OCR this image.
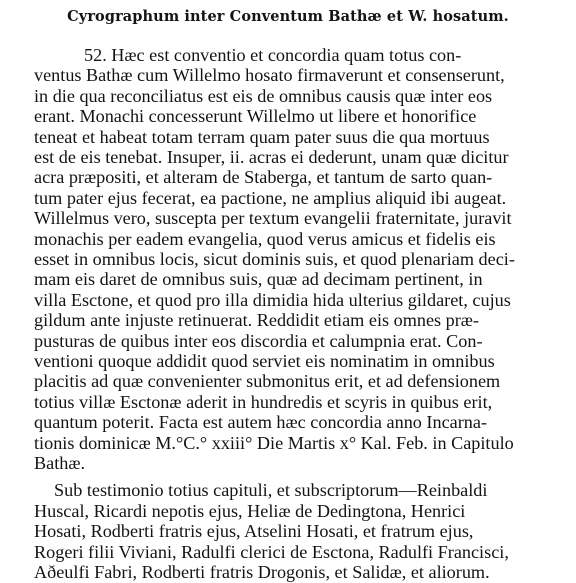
Cyrographum inter Conventum Bathæ et W. hosatum.
52. Hæc est conventio et concordia quam totus con-
ventus Bathæ cum Willelmo hosato firmaverunt et consenserunt,
in die qua reconciliatus est eis de omnibus causis quæ inter eos
erant. Monachi concesserunt Willelmo ut libere et honorifice
teneat et habeat totam terram quam pater suus die qua mortuus
est de eis tenebat. Insuper, ii. acras ei dederunt, unam quæ dicitur
acra præpositi, et alteram de Staberga, et tantum de sarto quan-
tum pater ejus fecerat, ea pactione, ne amplius aliquid ibi augeat.
Willelmus vero, suscepta per textum evangelii fraternitate, juravit
monachis per eadem evangelia, quod verus amicus et fidelis eis
esset in omnibus locis, sicut dominis suis, et quod plenariam deci-
mam eis daret de omnibus suis, quæ ad decimam pertinent, in
villa Esctone, et quod pro illa dimidia hida ulterius gildaret, cujus
gildum ante injuste retinuerat. Reddidit etiam eis omnes præ-
pusturas de quibus inter eos discordia et calumpnia erat. Con-
ventioni quoque addidit quod serviet eis nominatim in omnibus
placitis ad quæ convenienter submonitus erit, et ad defensionem
totius villæ Esctonæ aderit in hundredis et scyris in quibus erit,
quantum poterit. Facta est autem hæc concordia anno Incarna-
tionis dominicæ M.°C.° xxiii° Die Martis x° Kal. Feb. in Capitulo
Bathæ.
Sub testimonio totius capituli, et subscriptorum—Reinbaldi
Huscal, Ricardi nepotis ejus, Heliæ de Dedingtona, Henrici
Hosati, Rodberti fratris ejus, Atselini Hosati, et fratrum ejus,
Rogeri filii Viviani, Radulfi clerici de Esctona, Radulfi Francisci,
Aðeulfi Fabri, Rodberti fratris Drogonis, et Salidæ, et aliorum.
